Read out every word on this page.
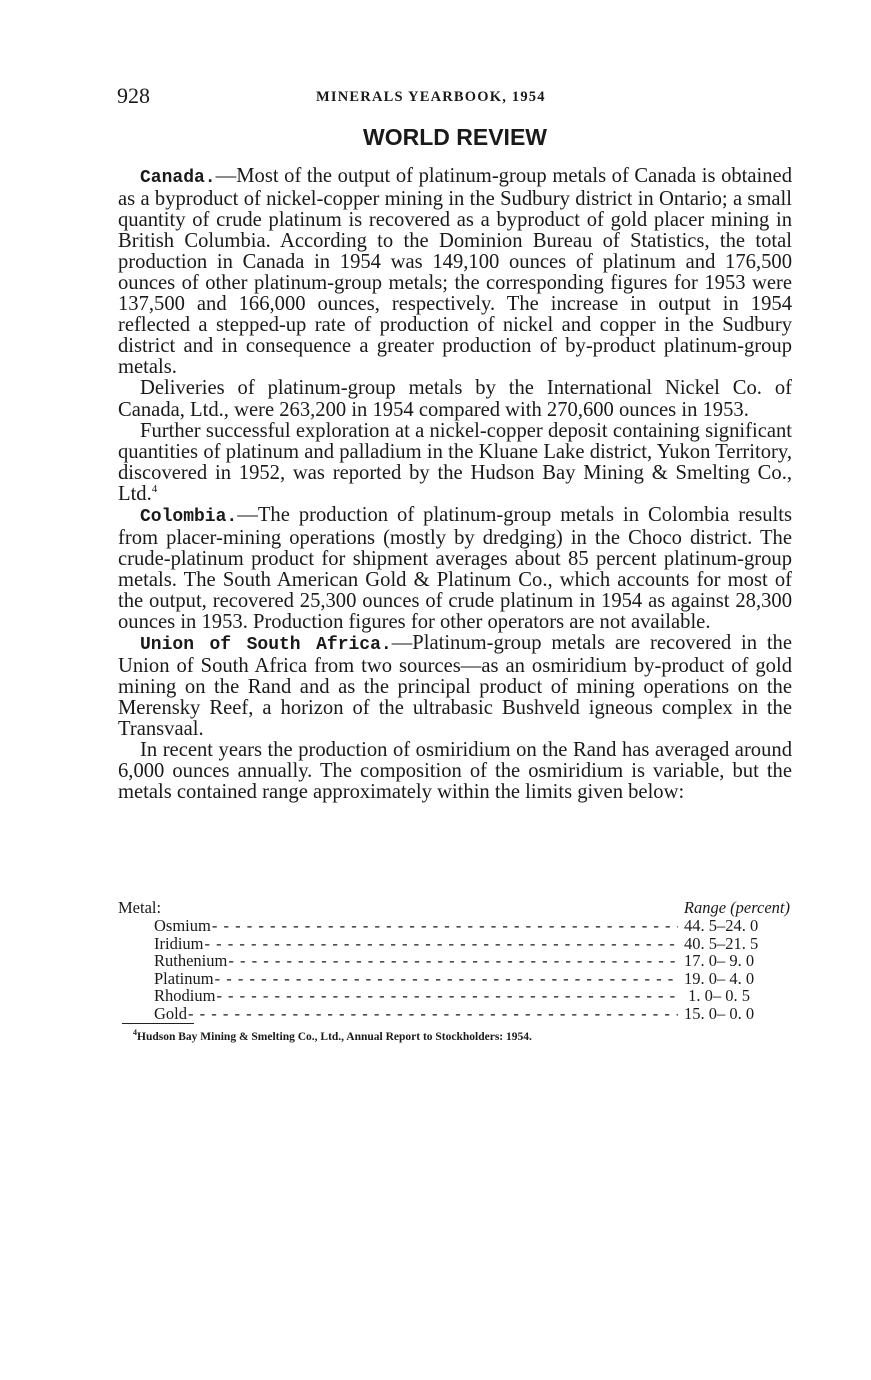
928	MINERALS YEARBOOK, 1954
WORLD REVIEW

Canada.—Most of the output of platinum-group metals of Canada is obtained as a byproduct of nickel-copper mining in the Sudbury district in Ontario; a small quantity of crude platinum is recovered as a byproduct of gold placer mining in British Columbia. According to the Dominion Bureau of Statistics, the total production in Canada in 1954 was 149,100 ounces of platinum and 176,500 ounces of other platinum-group metals; the corresponding figures for 1953 were 137,500 and 166,000 ounces, respectively. The increase in output in 1954 reflected a stepped-up rate of production of nickel and copper in the Sudbury district and in consequence a greater production of by-product platinum-group metals.

Deliveries of platinum-group metals by the International Nickel Co. of Canada, Ltd., were 263,200 in 1954 compared with 270,600 ounces in 1953.

Further successful exploration at a nickel-copper deposit containing significant quantities of platinum and palladium in the Kluane Lake district, Yukon Territory, discovered in 1952, was reported by the Hudson Bay Mining & Smelting Co., Ltd.$^4$

Colombia.—The production of platinum-group metals in Colombia results from placer-mining operations (mostly by dredging) in the Choco district. The crude-platinum product for shipment averages about 85 percent platinum-group metals. The South American Gold & Platinum Co., which accounts for most of the output, recovered 25,300 ounces of crude platinum in 1954 as against 28,300 ounces in 1953. Production figures for other operators are not available.

Union of South Africa.—Platinum-group metals are recovered in the Union of South Africa from two sources—as an osmiridium by-product of gold mining on the Rand and as the principal product of mining operations on the Merensky Reef, a horizon of the ultrabasic Bushveld igneous complex in the Transvaal.

In recent years the production of osmiridium on the Rand has averaged around 6,000 ounces annually. The composition of the osmiridium is variable, but the metals contained range approximately within the limits given below:

Metal:	Range (percent)
Osmium - - -	44. 5–24. 0
Iridium - - -	40. 5–21. 5
Ruthenium - - -	17. 0– 9. 0
Platinum - - -	19. 0– 4. 0
Rhodium - - -	1. 0– 0. 5
Gold - - -	15. 0– 0. 0
$^4$Hudson Bay Mining & Smelting Co., Ltd., Annual Report to Stockholders: 1954.
